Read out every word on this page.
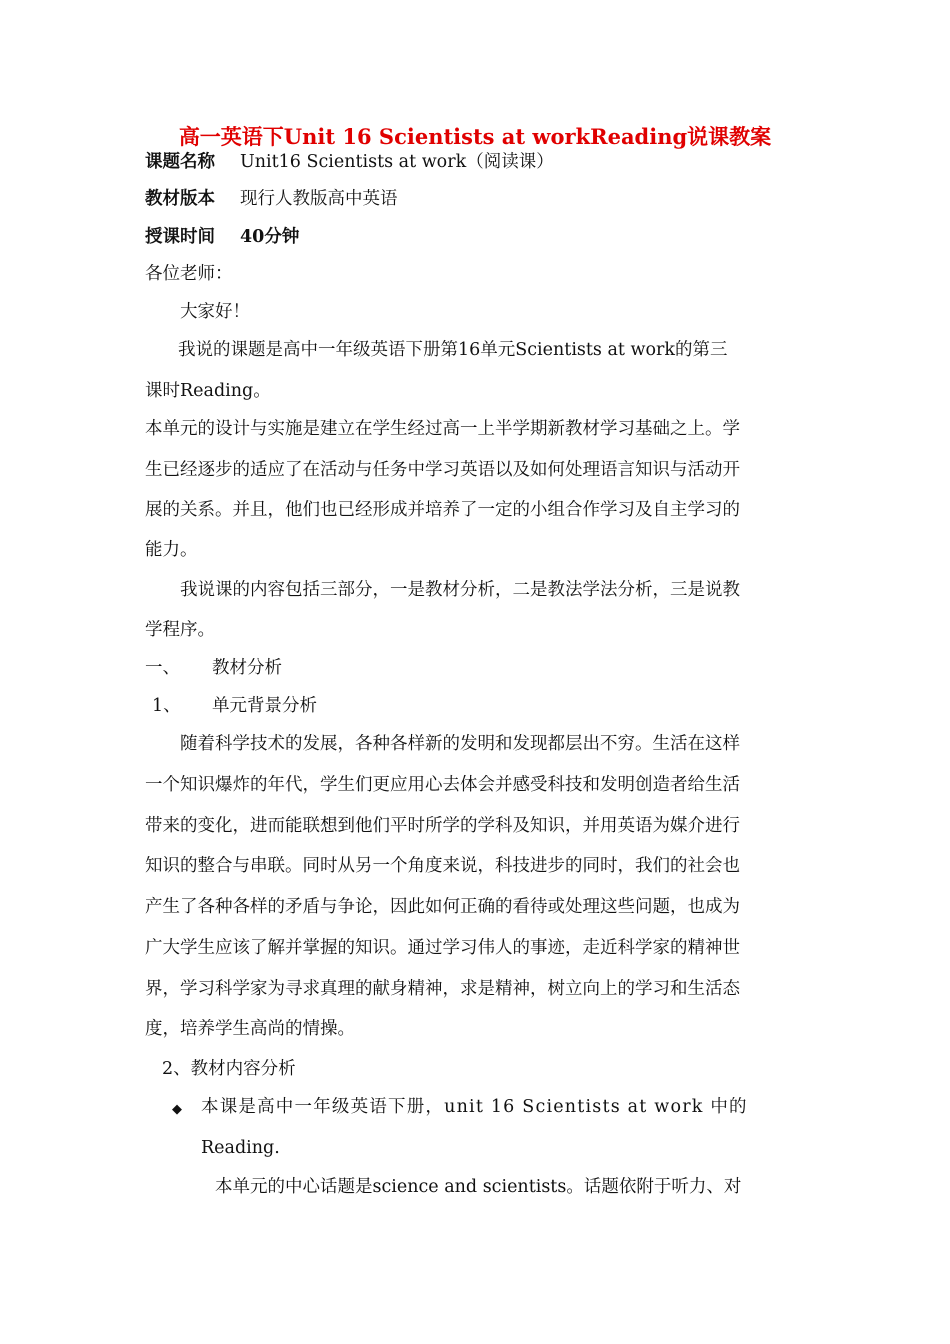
高一英语下Unit 16 Scientists at workReading说课教案
课题名称 Unit16 Scientists at work（阅读课）
教材版本 现行人教版高中英语
授课时间 40分钟
各位老师：
大家好！
我说的课题是高中一年级英语下册第16单元Scientists at work的第三
课时Reading。
本单元的设计与实施是建立在学生经过高一上半学期新教材学习基础之上。学
生已经逐步的适应了在活动与任务中学习英语以及如何处理语言知识与活动开
展的关系。并且，他们也已经形成并培养了一定的小组合作学习及自主学习的
能力。
我说课的内容包括三部分，一是教材分析，二是教法学法分析，三是说教
学程序。
一、 教材分析
1、 单元背景分析
随着科学技术的发展，各种各样新的发明和发现都层出不穷。生活在这样
一个知识爆炸的年代，学生们更应用心去体会并感受科技和发明创造者给生活
带来的变化，进而能联想到他们平时所学的学科及知识，并用英语为媒介进行
知识的整合与串联。同时从另一个角度来说，科技进步的同时，我们的社会也
产生了各种各样的矛盾与争论，因此如何正确的看待或处理这些问题，也成为
广大学生应该了解并掌握的知识。通过学习伟人的事迹，走近科学家的精神世
界，学习科学家为寻求真理的献身精神，求是精神，树立向上的学习和生活态
度，培养学生高尚的情操。
2、教材内容分析
◆ 本课是高中一年级英语下册，unit 16 Scientists at work 中的
Reading.
本单元的中心话题是science and scientists。话题依附于听力、对
